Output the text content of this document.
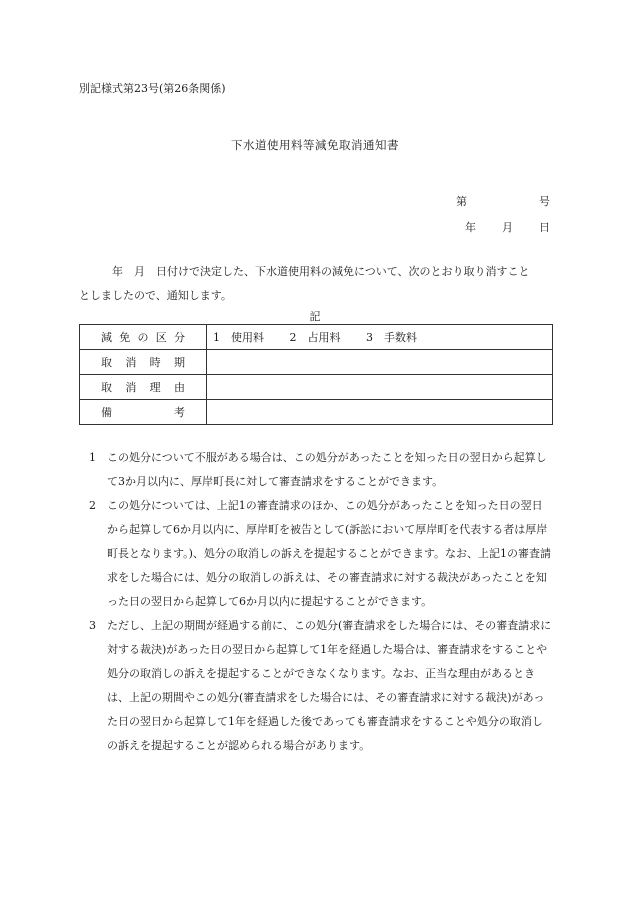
別記様式第23号(第26条関係)
下水道使用料等減免取消通知書
第	号
年 月 日
年　月　日付けで決定した、下水道使用料の減免について、次のとおり取り消すこと
としましたので、通知します。
記
減免の区分	1　使用料 2　占用料 3　手数料
取消時期	
取消理由	
備考	
1	この処分について不服がある場合は、この処分があったことを知った日の翌日から起算して3か月以内に、厚岸町長に対して審査請求をすることができます。
2	この処分については、上記1の審査請求のほか、この処分があったことを知った日の翌日から起算して6か月以内に、厚岸町を被告として(訴訟において厚岸町を代表する者は厚岸町長となります。)、処分の取消しの訴えを提起することができます。なお、上記1の審査請求をした場合には、処分の取消しの訴えは、その審査請求に対する裁決があったことを知った日の翌日から起算して6か月以内に提起することができます。
3	ただし、上記の期間が経過する前に、この処分(審査請求をした場合には、その審査請求に対する裁決)があった日の翌日から起算して1年を経過した場合は、審査請求をすることや処分の取消しの訴えを提起することができなくなります。なお、正当な理由があるときは、上記の期間やこの処分(審査請求をした場合には、その審査請求に対する裁決)があった日の翌日から起算して1年を経過した後であっても審査請求をすることや処分の取消しの訴えを提起することが認められる場合があります。
